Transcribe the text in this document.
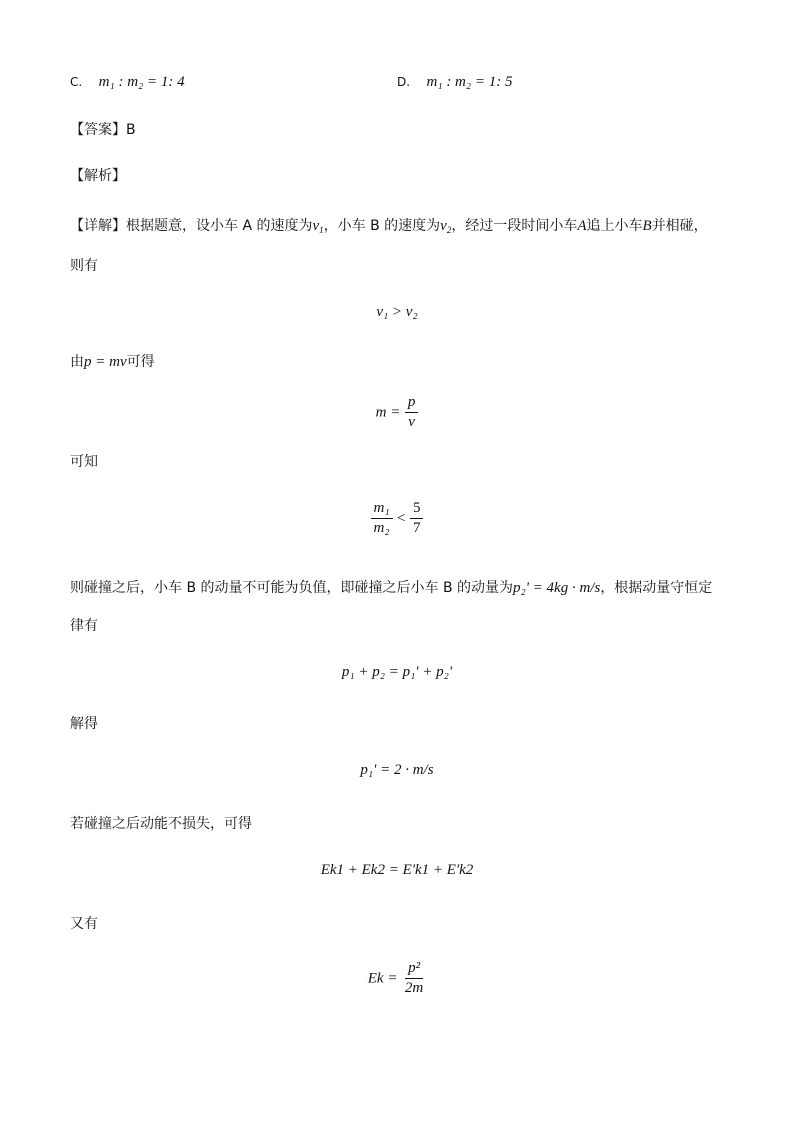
C. m₁ : m₂ = 1: 4	D. m₁ : m₂ = 1: 5
【答案】B
【解析】
【详解】根据题意，设小车 A 的速度为$v_1$，小车 B 的速度为$v_2$，经过一段时间小车A追上小车B并相碰，
则有
v₁ > v₂
由p = mv可得
$m = \frac{p}{v}$
可知
$\frac{\text{m₁}}{\text{m₂}} < \frac{5}{7}$
则碰撞之后，小车 B 的动量不可能为负值，即碰撞之后小车 B 的动量为p₂' = 4kg · m/s，根据动量守恒定
律有
p₁ + p₂ = p₁' + p₂'
解得
p₁' = 2 · m/s
若碰撞之后动能不损失，可得
Ek1 + Ek2 = E'k1 + E'k2
又有
$Ek = \frac{\text{p²}}{2m}$
